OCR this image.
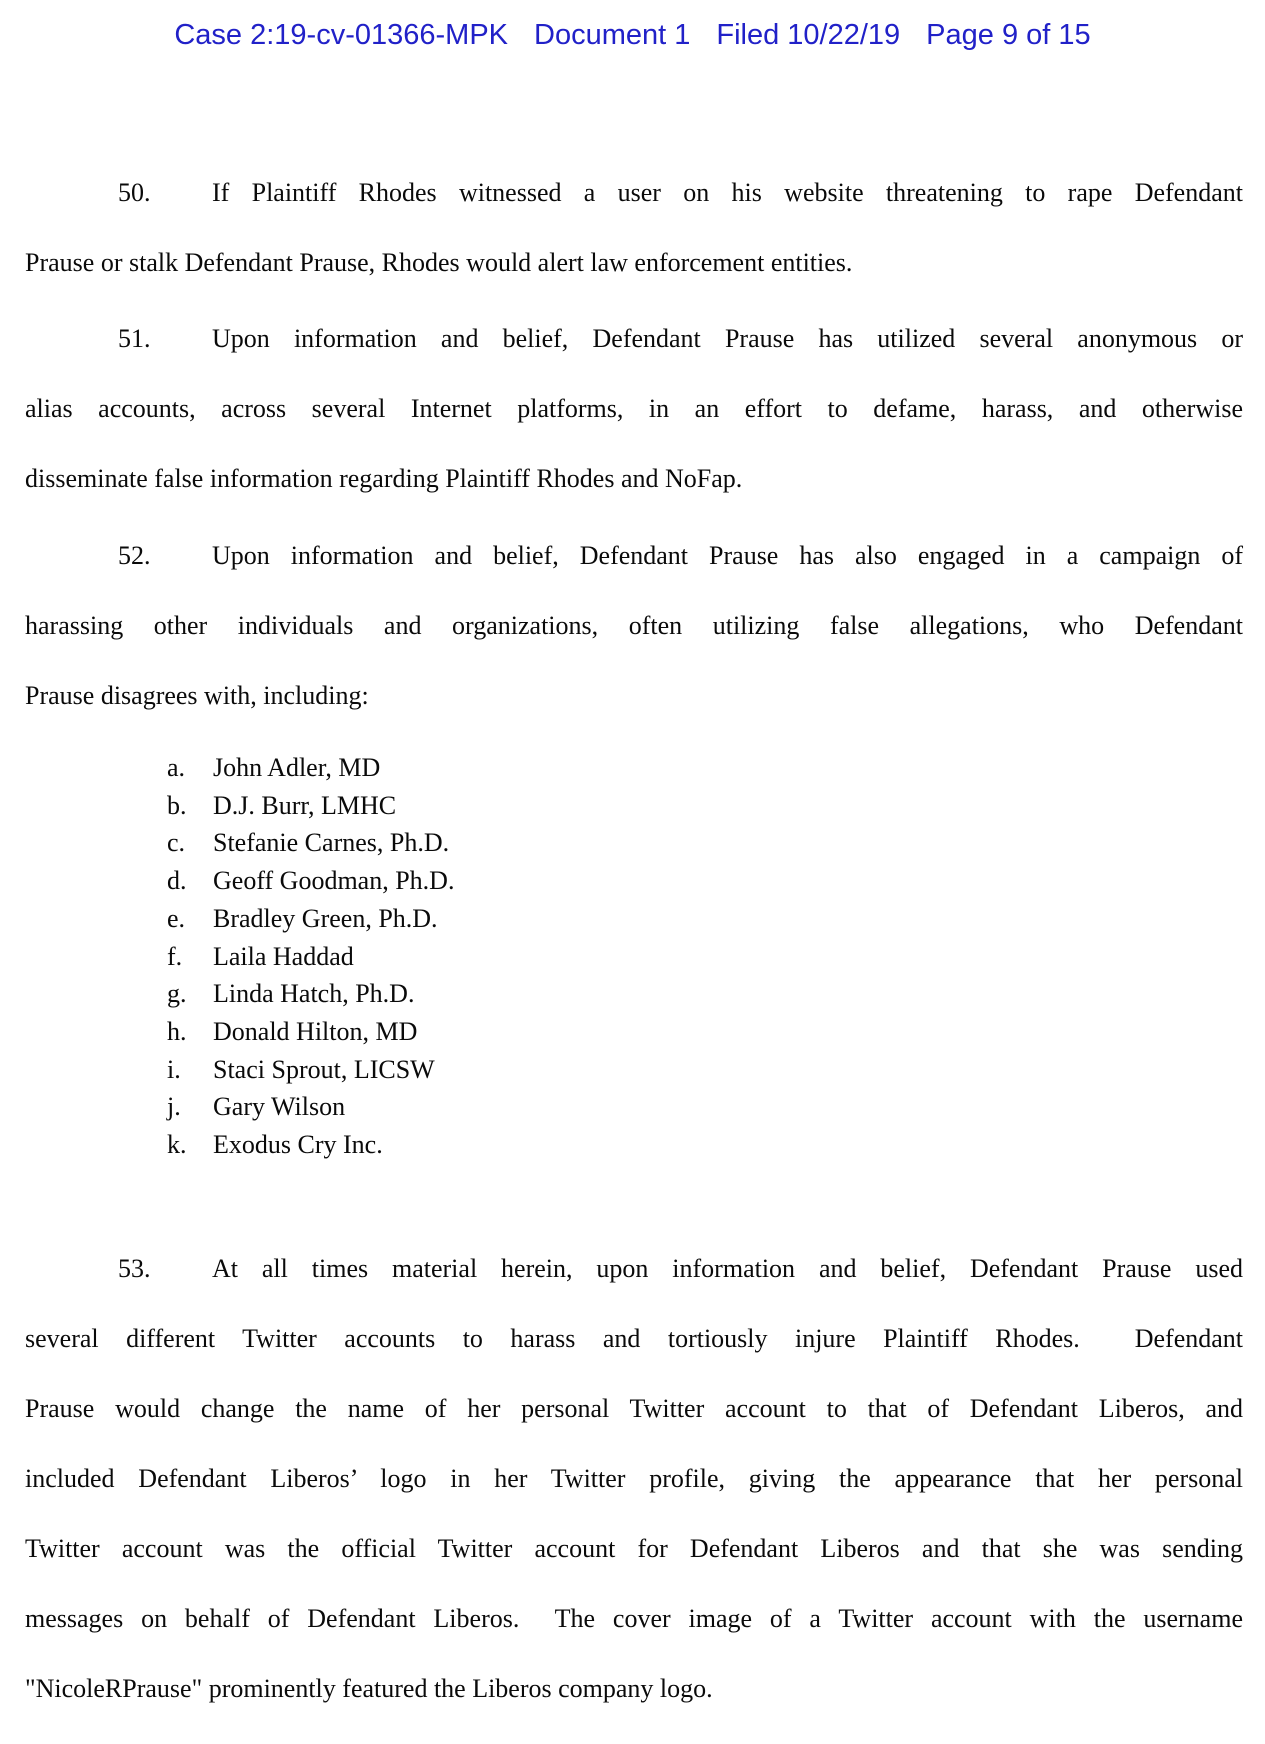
Case 2:19-cv-01366-MPK Document 1 Filed 10/22/19 Page 9 of 15
50. If Plaintiff Rhodes witnessed a user on his website threatening to rape Defendant
Prause or stalk Defendant Prause, Rhodes would alert law enforcement entities.
51. Upon information and belief, Defendant Prause has utilized several anonymous or
alias accounts, across several Internet platforms, in an effort to defame, harass, and otherwise
disseminate false information regarding Plaintiff Rhodes and NoFap.
52. Upon information and belief, Defendant Prause has also engaged in a campaign of
harassing other individuals and organizations, often utilizing false allegations, who Defendant
Prause disagrees with, including:
a. John Adler, MD
b. D.J. Burr, LMHC
c. Stefanie Carnes, Ph.D.
d. Geoff Goodman, Ph.D.
e. Bradley Green, Ph.D.
f. Laila Haddad
g. Linda Hatch, Ph.D.
h. Donald Hilton, MD
i. Staci Sprout, LICSW
j. Gary Wilson
k. Exodus Cry Inc.
53. At all times material herein, upon information and belief, Defendant Prause used
several different Twitter accounts to harass and tortiously injure Plaintiff Rhodes.  Defendant
Prause would change the name of her personal Twitter account to that of Defendant Liberos, and
included Defendant Liberos’ logo in her Twitter profile, giving the appearance that her personal
Twitter account was the official Twitter account for Defendant Liberos and that she was sending
messages on behalf of Defendant Liberos.  The cover image of a Twitter account with the username
"NicoleRPrause" prominently featured the Liberos company logo.
